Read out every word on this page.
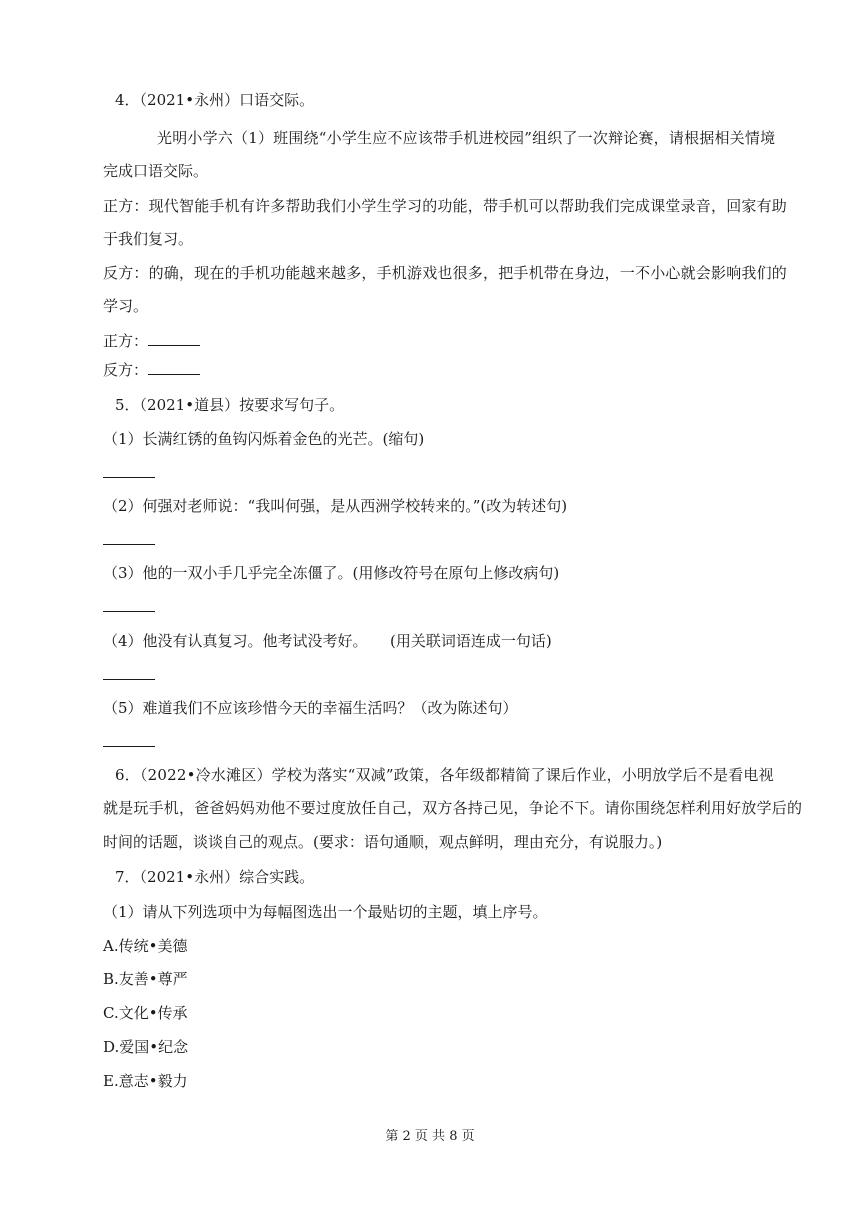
4．（2021•永州）口语交际。
光明小学六（1）班围绕“小学生应不应该带手机进校园”组织了一次辩论赛，请根据相关情境
完成口语交际。
正方：现代智能手机有许多帮助我们小学生学习的功能，带手机可以帮助我们完成课堂录音，回家有助
于我们复习。
反方：的确，现在的手机功能越来越多，手机游戏也很多，把手机带在身边，一不小心就会影响我们的
学习。
正方：
反方：
5．（2021•道县）按要求写句子。
（1）长满红锈的鱼钩闪烁着金色的光芒。(缩句)
（2）何强对老师说：“我叫何强，是从西洲学校转来的。”(改为转述句)
（3）他的一双小手几乎完全冻僵了。(用修改符号在原句上修改病句)
（4）他没有认真复习。他考试没考好。　　(用关联词语连成一句话)
（5）难道我们不应该珍惜今天的幸福生活吗？（改为陈述句）
6．（2022•冷水滩区）学校为落实“双减”政策，各年级都精简了课后作业，小明放学后不是看电视
就是玩手机，爸爸妈妈劝他不要过度放任自己，双方各持己见，争论不下。请你围绕怎样利用好放学后的
时间的话题，谈谈自己的观点。(要求：语句通顺，观点鲜明，理由充分，有说服力。)
7．（2021•永州）综合实践。
（1）请从下列选项中为每幅图选出一个最贴切的主题，填上序号。
A.传统•美德
B.友善•尊严
C.文化•传承
D.爱国•纪念
E.意志•毅力
第 2 页 共 8 页
